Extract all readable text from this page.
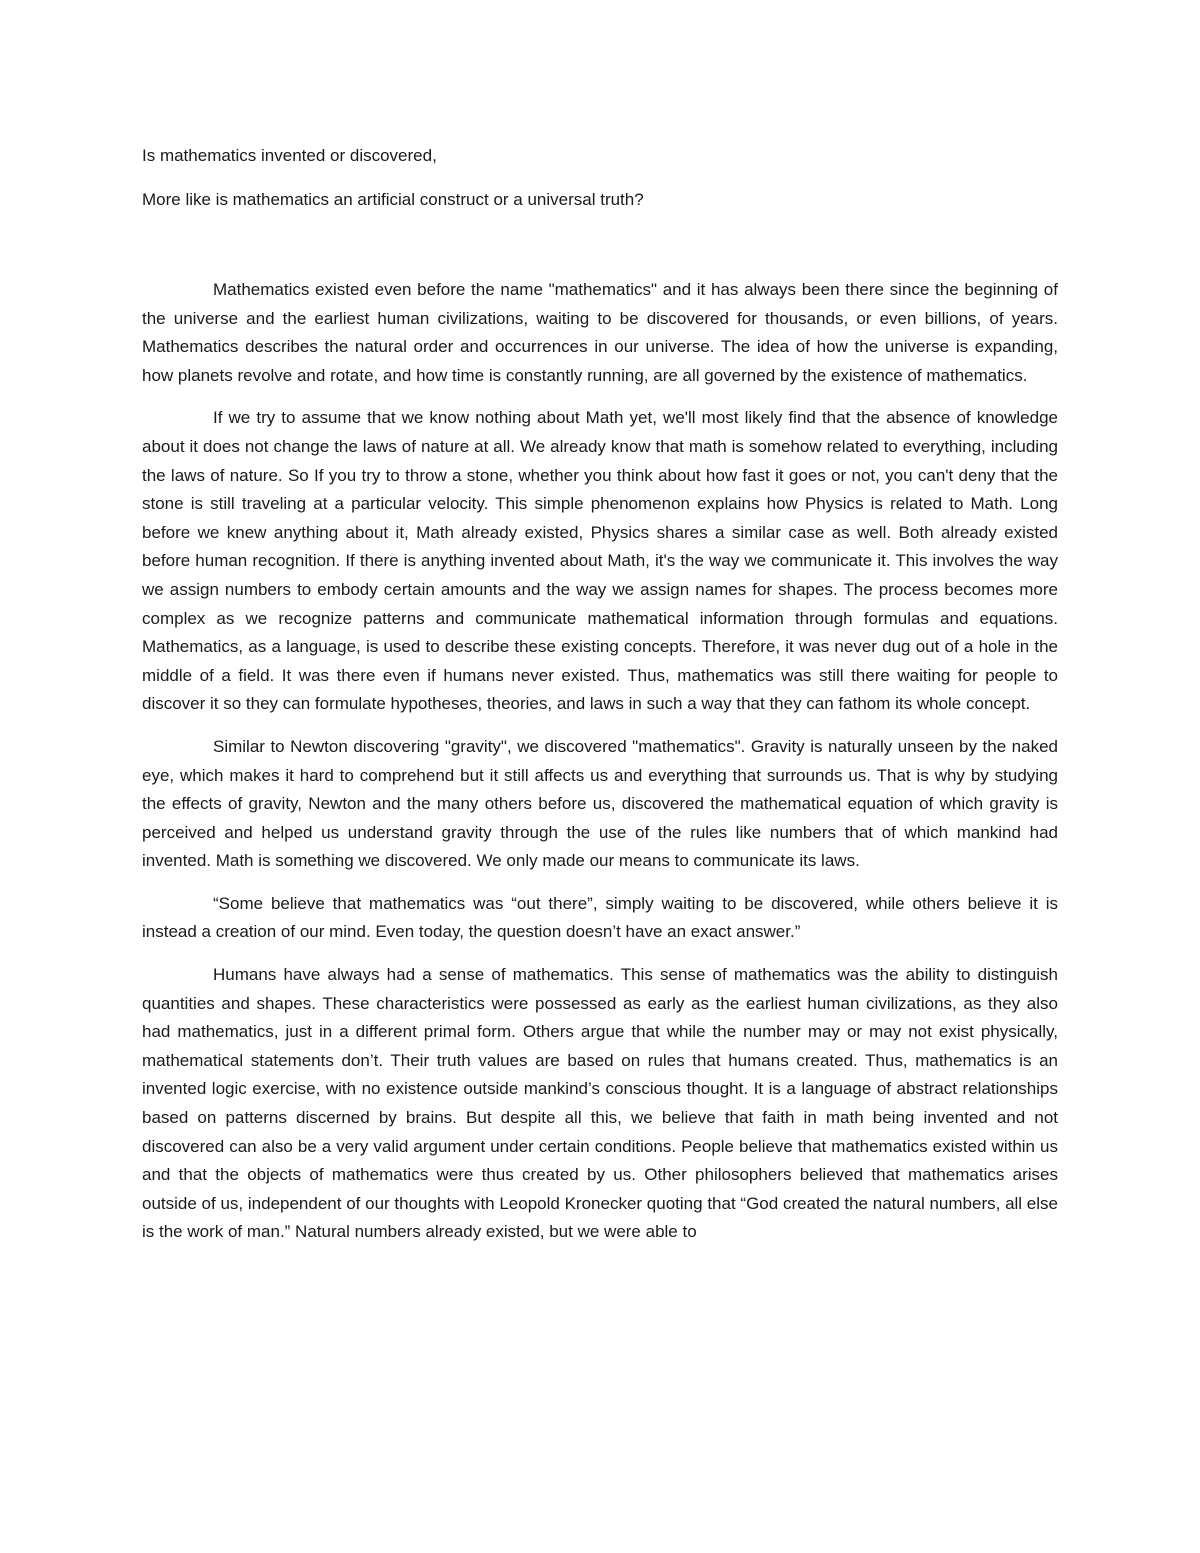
Is mathematics invented or discovered,

More like is mathematics an artificial construct or a universal truth?

Mathematics existed even before the name "mathematics" and it has always been there since the beginning of the universe and the earliest human civilizations, waiting to be discovered for thousands, or even billions, of years. Mathematics describes the natural order and occurrences in our universe. The idea of how the universe is expanding, how planets revolve and rotate, and how time is constantly running, are all governed by the existence of mathematics.

If we try to assume that we know nothing about Math yet, we'll most likely find that the absence of knowledge about it does not change the laws of nature at all. We already know that math is somehow related to everything, including the laws of nature. So If you try to throw a stone, whether you think about how fast it goes or not, you can't deny that the stone is still traveling at a particular velocity. This simple phenomenon explains how Physics is related to Math. Long before we knew anything about it, Math already existed, Physics shares a similar case as well. Both already existed before human recognition. If there is anything invented about Math, it's the way we communicate it. This involves the way we assign numbers to embody certain amounts and the way we assign names for shapes. The process becomes more complex as we recognize patterns and communicate mathematical information through formulas and equations. Mathematics, as a language, is used to describe these existing concepts. Therefore, it was never dug out of a hole in the middle of a field. It was there even if humans never existed. Thus, mathematics was still there waiting for people to discover it so they can formulate hypotheses, theories, and laws in such a way that they can fathom its whole concept.

Similar to Newton discovering "gravity", we discovered "mathematics". Gravity is naturally unseen by the naked eye, which makes it hard to comprehend but it still affects us and everything that surrounds us. That is why by studying the effects of gravity, Newton and the many others before us, discovered the mathematical equation of which gravity is perceived and helped us understand gravity through the use of the rules like numbers that of which mankind had invented. Math is something we discovered. We only made our means to communicate its laws.

“Some believe that mathematics was “out there”, simply waiting to be discovered, while others believe it is instead a creation of our mind. Even today, the question doesn’t have an exact answer.”

Humans have always had a sense of mathematics. This sense of mathematics was the ability to distinguish quantities and shapes. These characteristics were possessed as early as the earliest human civilizations, as they also had mathematics, just in a different primal form. Others argue that while the number may or may not exist physically, mathematical statements don’t. Their truth values are based on rules that humans created. Thus, mathematics is an invented logic exercise, with no existence outside mankind’s conscious thought. It is a language of abstract relationships based on patterns discerned by brains. But despite all this, we believe that faith in math being invented and not discovered can also be a very valid argument under certain conditions. People believe that mathematics existed within us and that the objects of mathematics were thus created by us. Other philosophers believed that mathematics arises outside of us, independent of our thoughts with Leopold Kronecker quoting that “God created the natural numbers, all else is the work of man.” Natural numbers already existed, but we were able to
